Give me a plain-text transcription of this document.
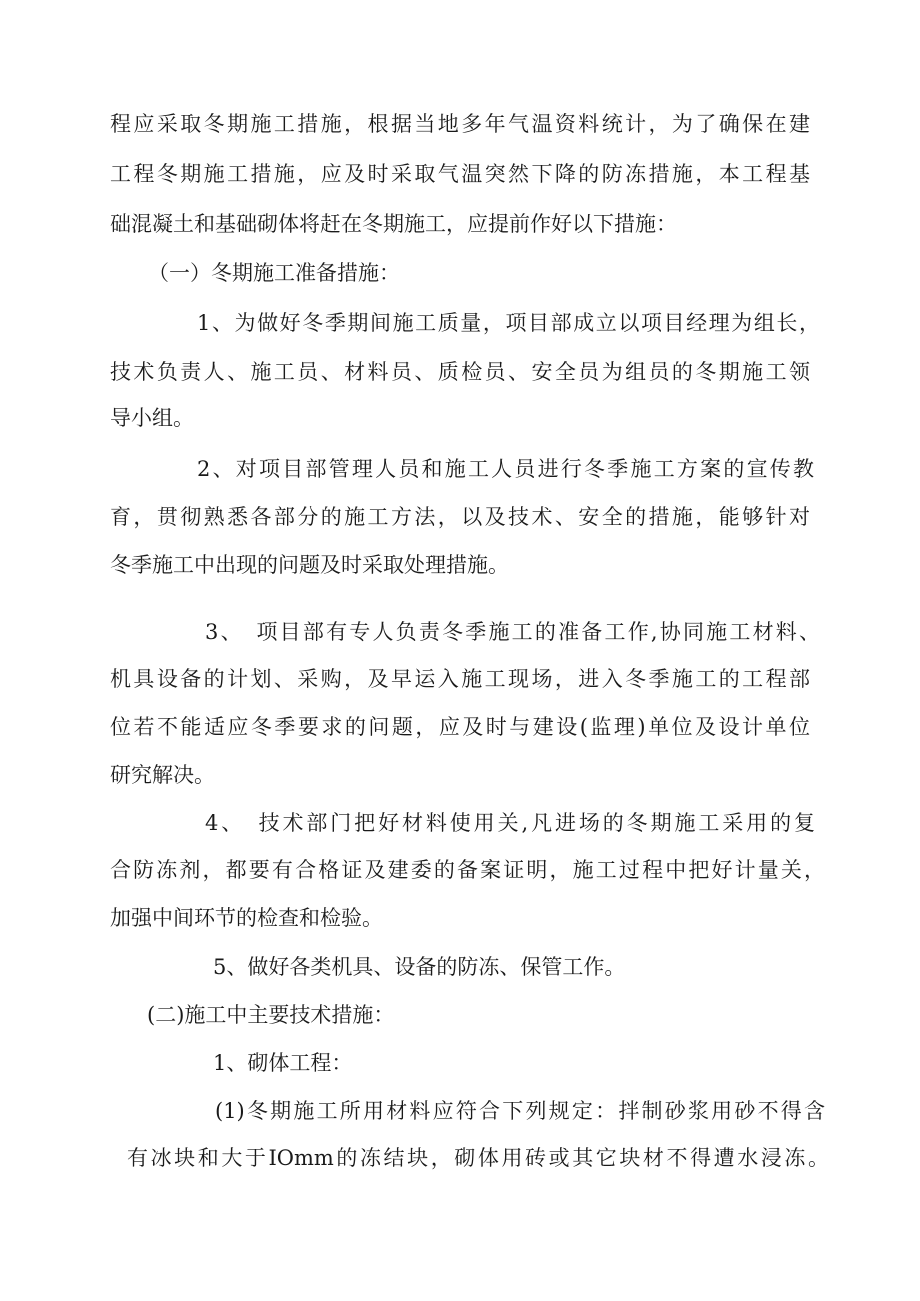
程应采取冬期施工措施，根据当地多年气温资料统计，为了确保在建
工程冬期施工措施，应及时采取气温突然下降的防冻措施，本工程基
础混凝土和基础砌体将赶在冬期施工，应提前作好以下措施：
（一）冬期施工准备措施：
1、为做好冬季期间施工质量，项目部成立以项目经理为组长，
技术负责人、施工员、材料员、质检员、安全员为组员的冬期施工领
导小组。
2、对项目部管理人员和施工人员进行冬季施工方案的宣传教
育，贯彻熟悉各部分的施工方法，以及技术、安全的措施，能够针对
冬季施工中出现的问题及时采取处理措施。
3、　项目部有专人负责冬季施工的准备工作,协同施工材料、
机具设备的计划、采购，及早运入施工现场，进入冬季施工的工程部
位若不能适应冬季要求的问题，应及时与建设(监理)单位及设计单位
研究解决。
4、　技术部门把好材料使用关,凡进场的冬期施工采用的复
合防冻剂，都要有合格证及建委的备案证明，施工过程中把好计量关，
加强中间环节的检查和检验。
5、做好各类机具、设备的防冻、保管工作。
(二)施工中主要技术措施：
1、砌体工程：
(1)冬期施工所用材料应符合下列规定：拌制砂浆用砂不得含
有冰块和大于IOmm的冻结块，砌体用砖或其它块材不得遭水浸冻。
